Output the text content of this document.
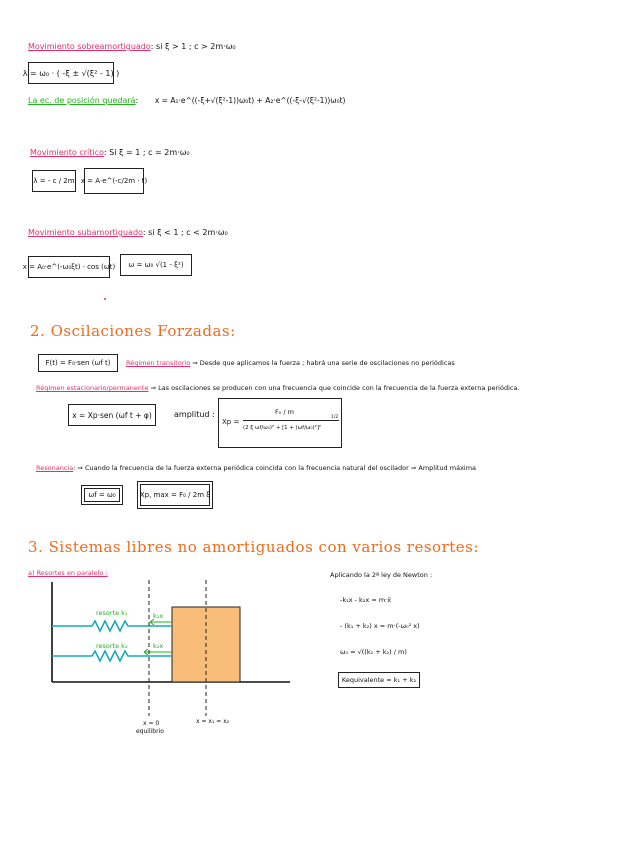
Movimiento sobreamortiguado: si ξ > 1 ; c > 2m·ω₀
λ = ω₀ · ( -ξ ± √(ξ² - 1) )
La ec. de posición quedará: x = A₁·e^((-ξ+√(ξ²-1))ω₀t) + A₂·e^((-ξ-√(ξ²-1))ω₀t)
Movimiento crítico: Si ξ = 1 ; c = 2m·ω₀
λ = - c / 2m x = A·e^(-c/2m · t)
Movimiento subamortiguado: si ξ < 1 ; c < 2m·ω₀
x = A₀·e^(-ω₀ξt) · cos (ωt) ω = ω₀ √(1 - ξ²)
2. Oscilaciones Forzadas:
F(t) = F₀·sen (ωf t) Régimen transitorio ⇒ Desde que aplicamos la fuerza ; habrá una serie de oscilaciones no periódicas
Régimen estacionario/permanente ⇒ Las oscilaciones se producen con una frecuencia que coincide con la frecuencia de la fuerza externa periódica.
x = Xp·sen (ωf t + φ)	amplitud :
Xp =
F₀ / m
(2 ξ ωf/ω₀)² + [1 + (ωf/ω₀)²]²
1/2
Resonancia: ⇒ Cuando la frecuencia de la fuerza externa periódica coincida con la frecuencia natural del oscilador ⇒ Amplitud máxima
ωf = ω₀	Xp, max = F₀ / 2m ξ
3. Sistemas libres no amortiguados con varios resortes:
a) Resortes en paralelo :
resorte k₁
resorte k₂
k₁x
k₂x
x = 0
equilibrio
x = x₁ = x₂
Aplicando la 2ª ley de Newton :
-k₁x - k₂x = m·ẍ
- (k₁ + k₂) x = m·(-ω₀² x)
ω₀ = √((k₁ + k₂) / m)
Kequivalente = k₁ + k₂
